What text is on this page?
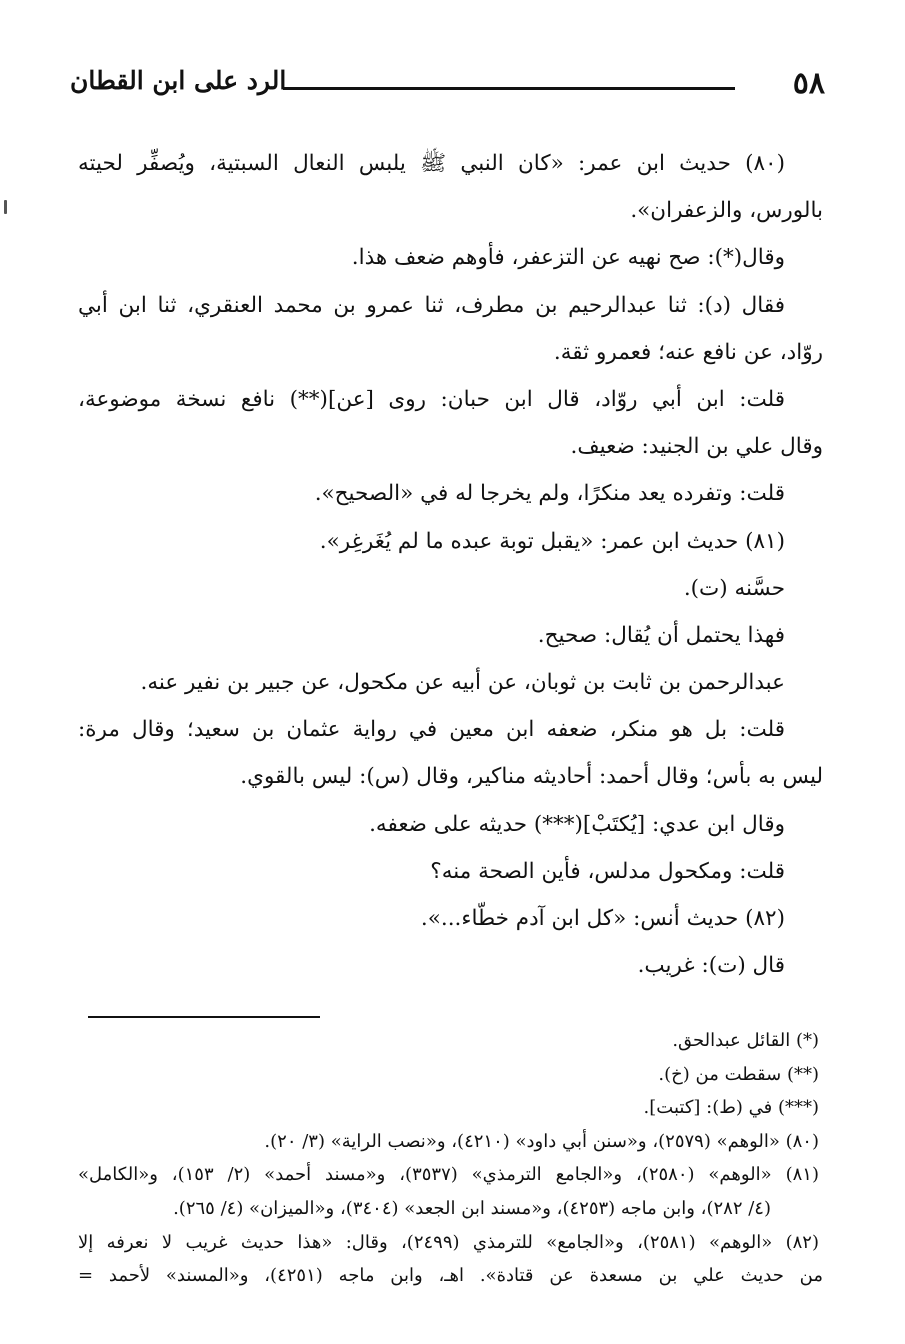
٥٨
الرد على ابن القطان
(٨٠) حديث ابن عمر: «كان النبي ﷺ يلبس النعال السبتية، ويُصفِّر لحيته
بالورس، والزعفران».
وقال(*): صح نهيه عن التزعفر، فأوهم ضعف هذا.
فقال (د): ثنا عبدالرحيم بن مطرف، ثنا عمرو بن محمد العنقري، ثنا ابن أبي
روّاد، عن نافع عنه؛ فعمرو ثقة.
قلت: ابن أبي روّاد، قال ابن حبان: روى [عن](**) نافع نسخة موضوعة،
وقال علي بن الجنيد: ضعيف.
قلت: وتفرده يعد منكرًا، ولم يخرجا له في «الصحيح».
(٨١) حديث ابن عمر: «يقبل توبة عبده ما لم يُغَرغِر».
حسَّنه (ت).
فهذا يحتمل أن يُقال: صحيح.
عبدالرحمن بن ثابت بن ثوبان، عن أبيه عن مكحول، عن جبير بن نفير عنه.
قلت: بل هو منكر، ضعفه ابن معين في رواية عثمان بن سعيد؛ وقال مرة:
ليس به بأس؛ وقال أحمد: أحاديثه مناكير، وقال (س): ليس بالقوي.
وقال ابن عدي: [يُكتَبْ](***) حديثه على ضعفه.
قلت: ومكحول مدلس، فأين الصحة منه؟
(٨٢) حديث أنس: «كل ابن آدم خطّاء...».
قال (ت): غريب.
(*) القائل عبدالحق.
(**) سقطت من (خ).
(***) في (ط): [كتبت].
(٨٠) «الوهم» (٢٥٧٩)، و«سنن أبي داود» (٤٢١٠)، و«نصب الراية» (٣/ ٢٠).
(٨١) «الوهم» (٢٥٨٠)، و«الجامع الترمذي» (٣٥٣٧)، و«مسند أحمد» (٢/ ١٥٣)، و«الكامل»
(٤/ ٢٨٢)، وابن ماجه (٤٢٥٣)، و«مسند ابن الجعد» (٣٤٠٤)، و«الميزان» (٤/ ٢٦٥).
(٨٢) «الوهم» (٢٥٨١)، و«الجامع» للترمذي (٢٤٩٩)، وقال: «هذا حديث غريب لا نعرفه إلا
من حديث علي بن مسعدة عن قتادة». اهـ، وابن ماجه (٤٢٥١)، و«المسند» لأحمد =
